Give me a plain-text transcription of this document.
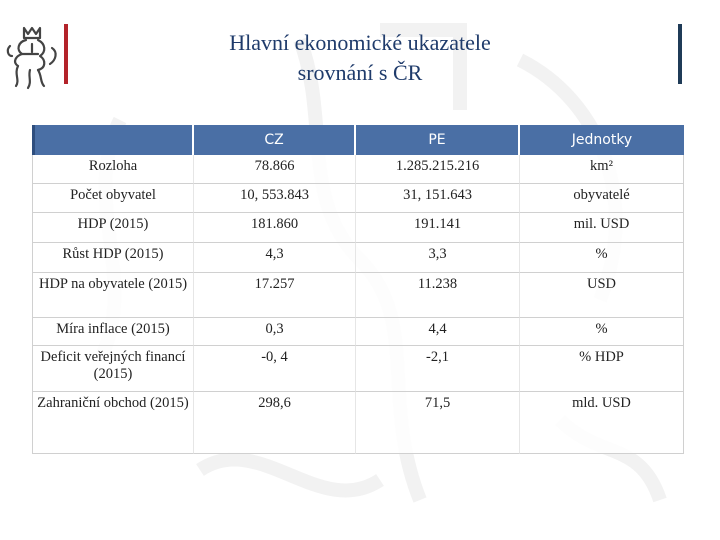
Hlavní ekonomické ukazatele
srovnání s ČR
	CZ	PE	Jednotky
Rozloha	78.866	1.285.215.216	km²
Počet obyvatel	10, 553.843	31, 151.643	obyvatelé
HDP (2015)	181.860	191.141	mil. USD
Růst HDP (2015)	4,3	3,3	%
HDP na obyvatele (2015)	17.257	11.238	USD
Míra inflace (2015)	0,3	4,4	%
Deficit veřejných financí (2015)	-0, 4	-2,1	% HDP
Zahraniční obchod (2015)	298,6	71,5	mld. USD
